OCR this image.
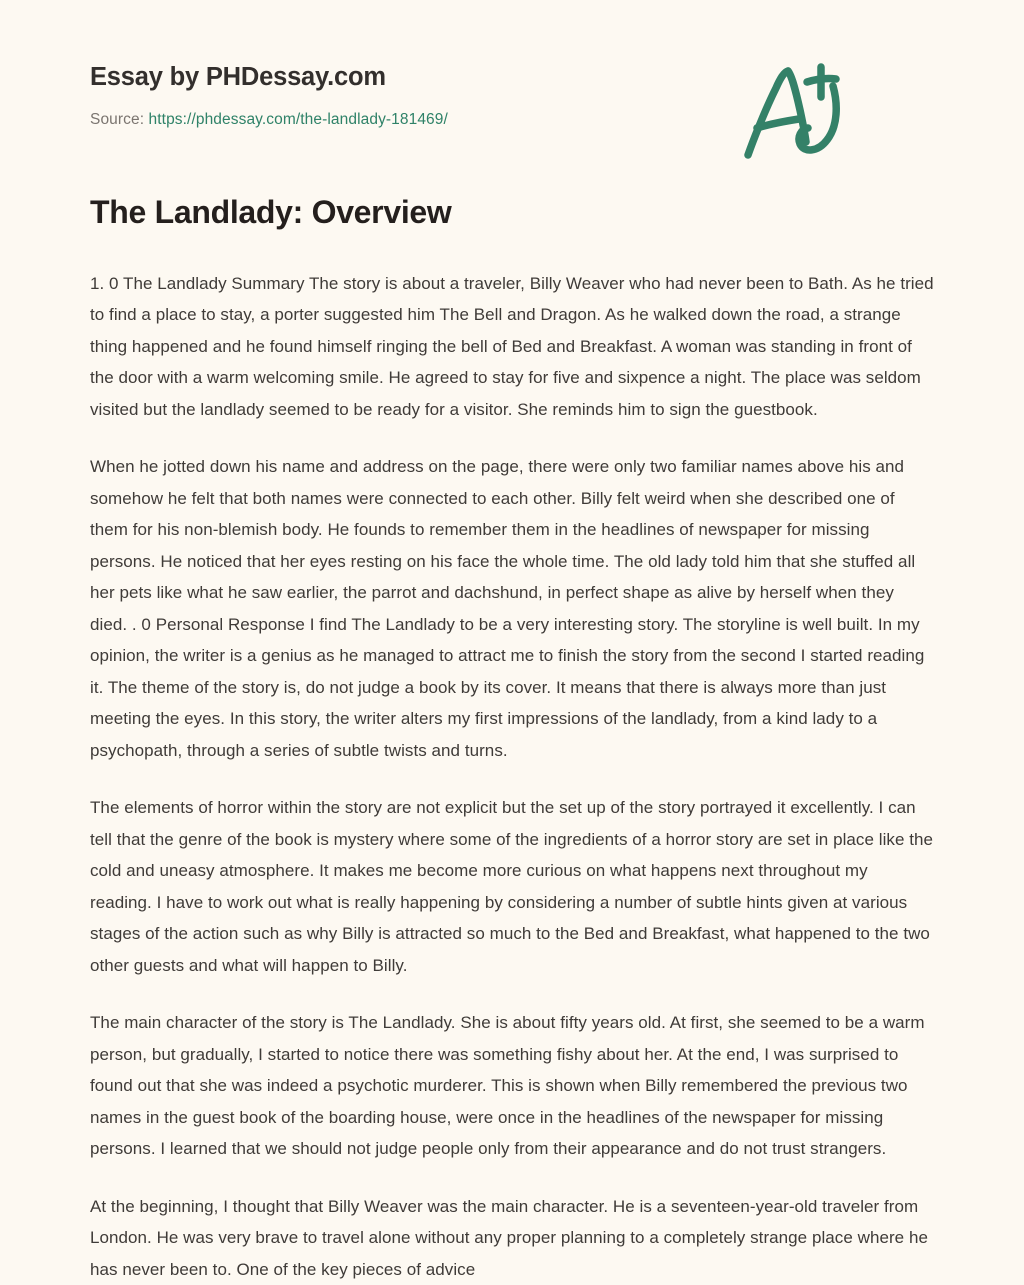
Essay by PHDessay.com
Source: https://phdessay.com/the-landlady-181469/
The Landlady: Overview

1. 0 The Landlady Summary The story is about a traveler, Billy Weaver who had never been to Bath. As he tried to find a place to stay, a porter suggested him The Bell and Dragon. As he walked down the road, a strange thing happened and he found himself ringing the bell of Bed and Breakfast. A woman was standing in front of the door with a warm welcoming smile. He agreed to stay for five and sixpence a night. The place was seldom visited but the landlady seemed to be ready for a visitor. She reminds him to sign the guestbook.

When he jotted down his name and address on the page, there were only two familiar names above his and somehow he felt that both names were connected to each other. Billy felt weird when she described one of them for his non-blemish body. He founds to remember them in the headlines of newspaper for missing persons. He noticed that her eyes resting on his face the whole time. The old lady told him that she stuffed all her pets like what he saw earlier, the parrot and dachshund, in perfect shape as alive by herself when they died. . 0 Personal Response I find The Landlady to be a very interesting story. The storyline is well built. In my opinion, the writer is a genius as he managed to attract me to finish the story from the second I started reading it. The theme of the story is, do not judge a book by its cover. It means that there is always more than just meeting the eyes. In this story, the writer alters my first impressions of the landlady, from a kind lady to a psychopath, through a series of subtle twists and turns.

The elements of horror within the story are not explicit but the set up of the story portrayed it excellently. I can tell that the genre of the book is mystery where some of the ingredients of a horror story are set in place like the cold and uneasy atmosphere. It makes me become more curious on what happens next throughout my reading. I have to work out what is really happening by considering a number of subtle hints given at various stages of the action such as why Billy is attracted so much to the Bed and Breakfast, what happened to the two other guests and what will happen to Billy.

The main character of the story is The Landlady. She is about fifty years old. At first, she seemed to be a warm person, but gradually, I started to notice there was something fishy about her. At the end, I was surprised to found out that she was indeed a psychotic murderer. This is shown when Billy remembered the previous two names in the guest book of the boarding house, were once in the headlines of the newspaper for missing persons. I learned that we should not judge people only from their appearance and do not trust strangers.

At the beginning, I thought that Billy Weaver was the main character. He is a seventeen-year-old traveler from London. He was very brave to travel alone without any proper planning to a completely strange place where he has never been to. One of the key pieces of advice
